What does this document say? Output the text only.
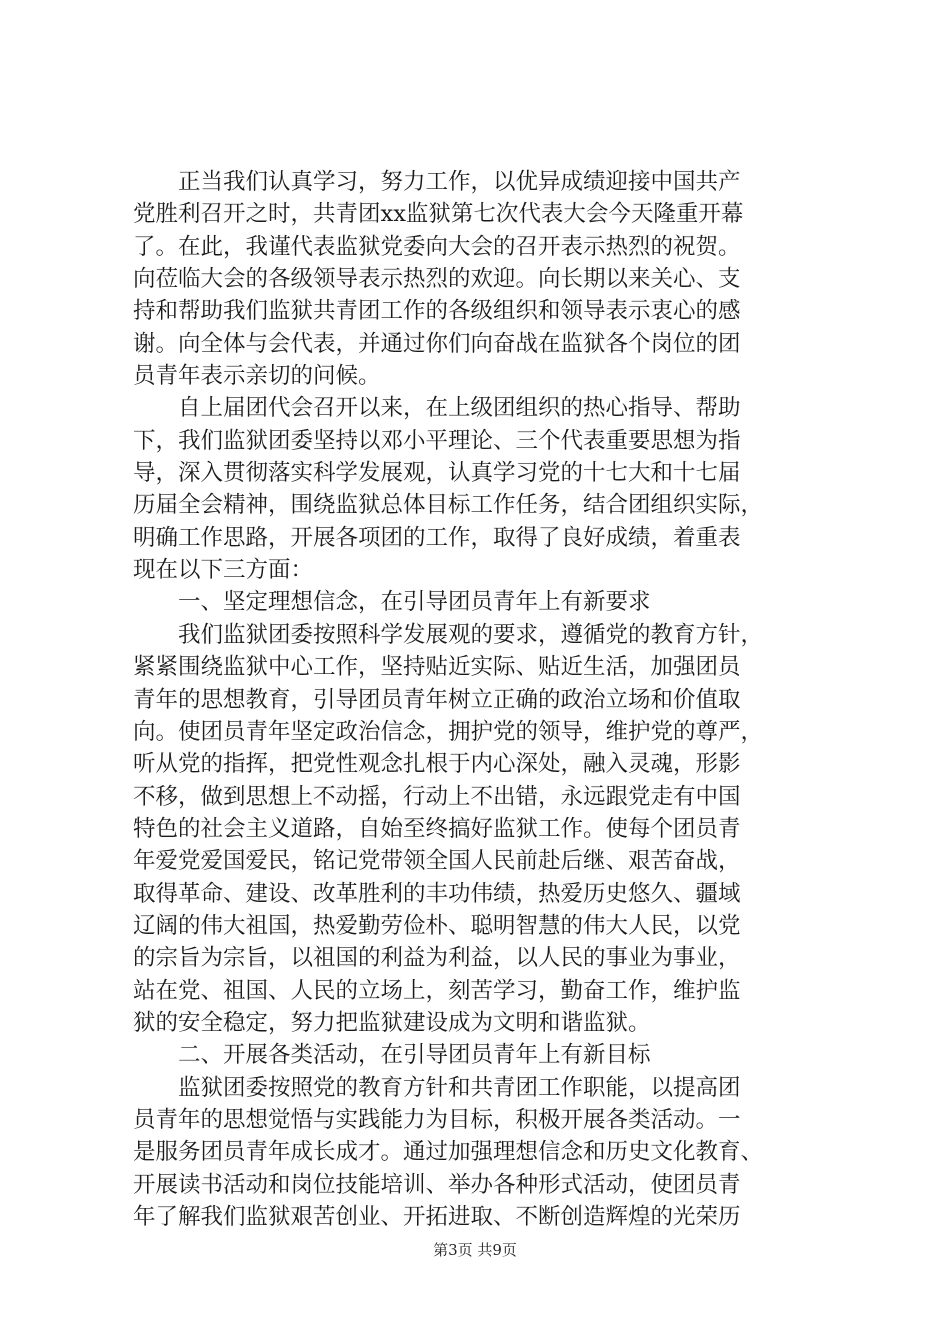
　　正当我们认真学习，努力工作，以优异成绩迎接中国共产
党胜利召开之时，共青团xx监狱第七次代表大会今天隆重开幕
了。在此，我谨代表监狱党委向大会的召开表示热烈的祝贺。
向莅临大会的各级领导表示热烈的欢迎。向长期以来关心、支
持和帮助我们监狱共青团工作的各级组织和领导表示衷心的感
谢。向全体与会代表，并通过你们向奋战在监狱各个岗位的团
员青年表示亲切的问候。
　　自上届团代会召开以来，在上级团组织的热心指导、帮助
下，我们监狱团委坚持以邓小平理论、三个代表重要思想为指
导，深入贯彻落实科学发展观，认真学习党的十七大和十七届
历届全会精神，围绕监狱总体目标工作任务，结合团组织实际，
明确工作思路，开展各项团的工作，取得了良好成绩，着重表
现在以下三方面：
　　一、坚定理想信念，在引导团员青年上有新要求
　　我们监狱团委按照科学发展观的要求，遵循党的教育方针，
紧紧围绕监狱中心工作，坚持贴近实际、贴近生活，加强团员
青年的思想教育，引导团员青年树立正确的政治立场和价值取
向。使团员青年坚定政治信念，拥护党的领导，维护党的尊严，
听从党的指挥，把党性观念扎根于内心深处，融入灵魂，形影
不移，做到思想上不动摇，行动上不出错，永远跟党走有中国
特色的社会主义道路，自始至终搞好监狱工作。使每个团员青
年爱党爱国爱民，铭记党带领全国人民前赴后继、艰苦奋战，
取得革命、建设、改革胜利的丰功伟绩，热爱历史悠久、疆域
辽阔的伟大祖国，热爱勤劳俭朴、聪明智慧的伟大人民，以党
的宗旨为宗旨，以祖国的利益为利益，以人民的事业为事业，
站在党、祖国、人民的立场上，刻苦学习，勤奋工作，维护监
狱的安全稳定，努力把监狱建设成为文明和谐监狱。
　　二、开展各类活动，在引导团员青年上有新目标
　　监狱团委按照党的教育方针和共青团工作职能，以提高团
员青年的思想觉悟与实践能力为目标，积极开展各类活动。一
是服务团员青年成长成才。通过加强理想信念和历史文化教育、
开展读书活动和岗位技能培训、举办各种形式活动，使团员青
年了解我们监狱艰苦创业、开拓进取、不断创造辉煌的光荣历
第3页 共9页
